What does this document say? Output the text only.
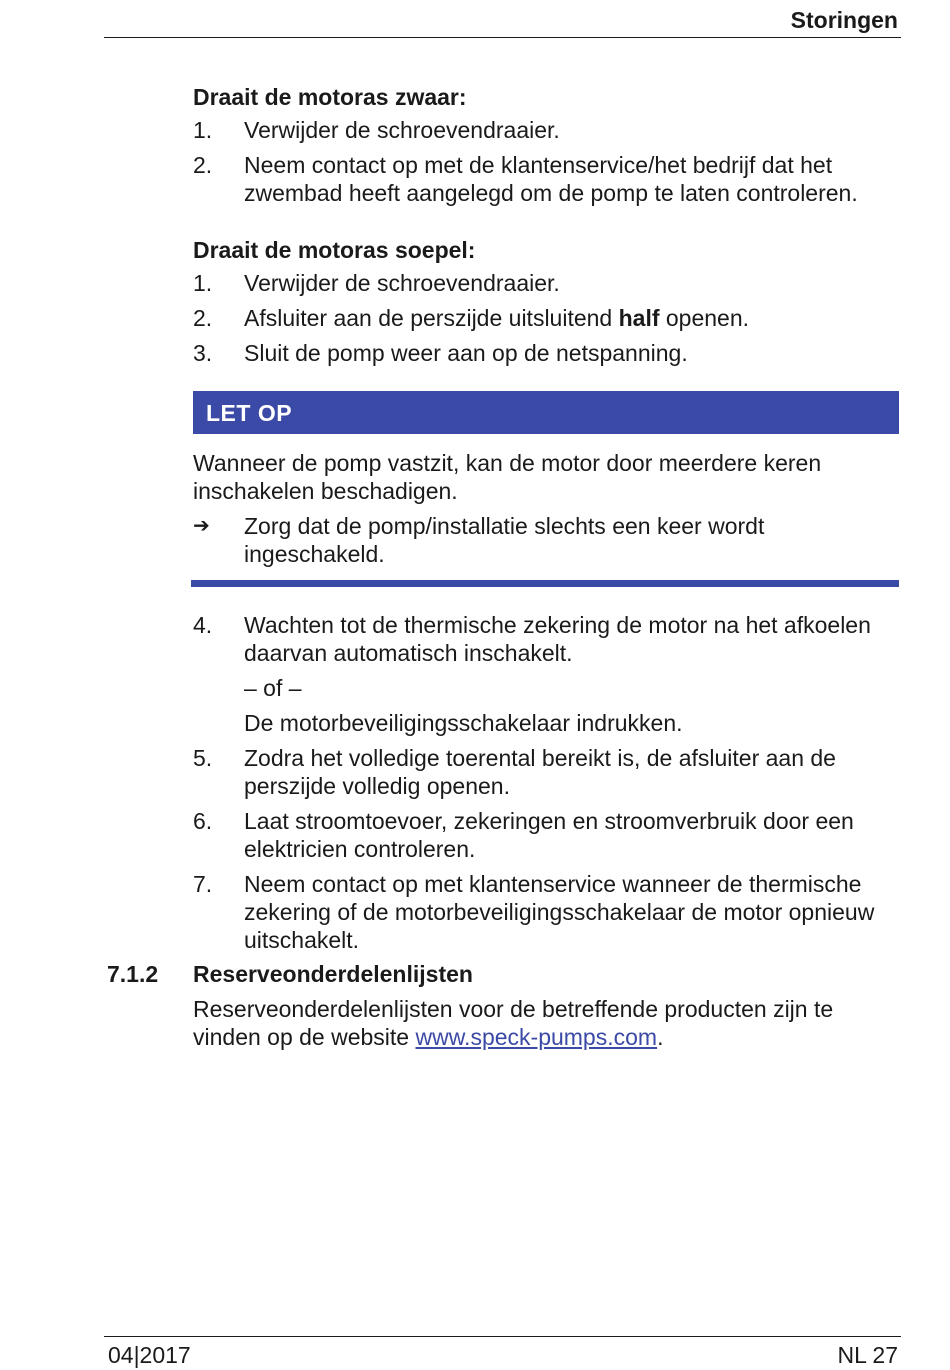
Storingen
Draait de motoras zwaar:
1.	Verwijder de schroevendraaier.
2.	Neem contact op met de klantenservice/het bedrijf dat het zwembad heeft aangelegd om de pomp te laten controleren.
Draait de motoras soepel:
1.	Verwijder de schroevendraaier.
2.	Afsluiter aan de perszijde uitsluitend half openen.
3.	Sluit de pomp weer aan op de netspanning.
LET OP
Wanneer de pomp vastzit, kan de motor door meerdere keren inschakelen beschadigen.
➔	Zorg dat de pomp/installatie slechts een keer wordt ingeschakeld.
4.	Wachten tot de thermische zekering de motor na het afkoelen daarvan automatisch inschakelt.
– of –
De motorbeveiligingsschakelaar indrukken.
5.	Zodra het volledige toerental bereikt is, de afsluiter aan de perszijde volledig openen.
6.	Laat stroomtoevoer, zekeringen en stroomverbruik door een elektricien controleren.
7.	Neem contact op met klantenservice wanneer de thermische zekering of de motorbeveiligingsschakelaar de motor opnieuw uitschakelt.
7.1.2 Reserveonderdelenlijsten
Reserveonderdelenlijsten voor de betreffende producten zijn te vinden op de website www.speck-pumps.com.
04|2017	NL 27
